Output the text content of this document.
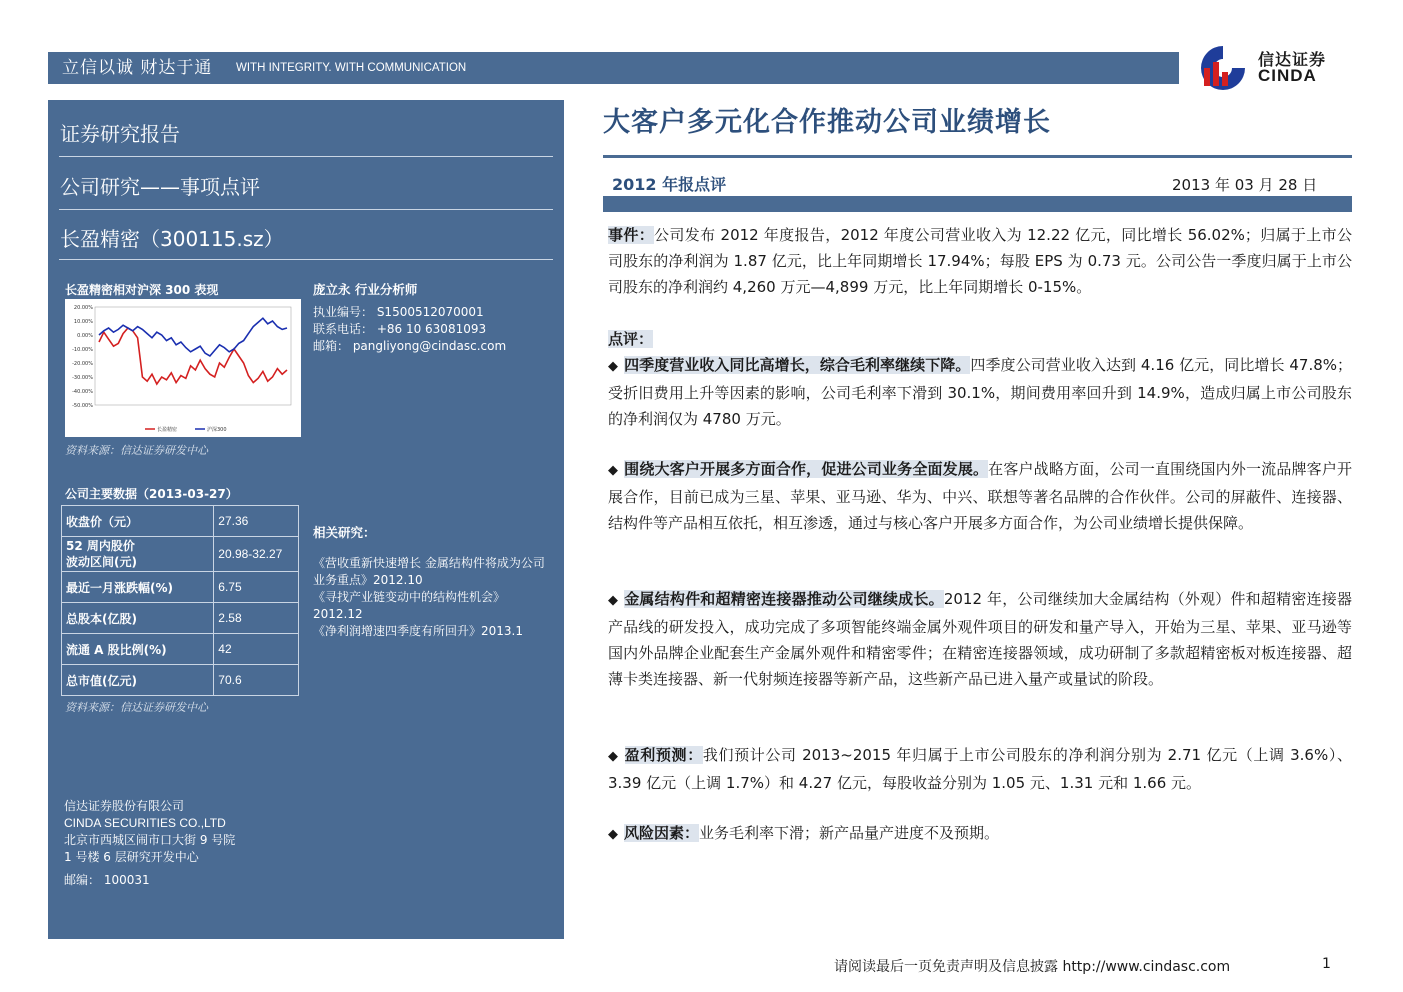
立信以诚 财达于通 WITH INTEGRITY. WITH COMMUNICATION	信达证券
CINDA
证券研究报告
公司研究——事项点评
长盈精密（300115.sz）
长盈精密相对沪深 300 表现
20.00%
10.00%
0.00%
-10.00%
-20.00%
-30.00%
-40.00%
-50.00%
长盈精密	沪深300
资料来源：信达证券研发中心
庞立永 行业分析师
执业编号： S1500512070001
联系电话： +86 10 63081093
邮箱： pangliyong@cindasc.com
公司主要数据（2013-03-27）
收盘价（元）	27.36
52 周内股价
波动区间(元)	20.98-32.27
最近一月涨跌幅(%)	6.75
总股本(亿股)	2.58
流通 A 股比例(%)	42
总市值(亿元)	70.6
资料来源：信达证券研发中心
相关研究：
《营收重新快速增长 金属结构件将成为公司业务重点》2012.10
《寻找产业链变动中的结构性机会》2012.12
《净利润增速四季度有所回升》2013.1
信达证券股份有限公司
CINDA SECURITIES CO.,LTD
北京市西城区闹市口大街 9 号院
1 号楼 6 层研究开发中心
邮编： 100031
大客户多元化合作推动公司业绩增长
2012 年报点评	2013 年 03 月 28 日
事件：公司发布 2012 年度报告，2012 年度公司营业收入为 12.22 亿元，同比增长 56.02%；归属于上市公司股东的净利润为 1.87 亿元，比上年同期增长 17.94%；每股 EPS 为 0.73 元。公司公告一季度归属于上市公司股东的净利润约 4,260 万元—4,899 万元，比上年同期增长 0-15%。
点评：
◆ 四季度营业收入同比高增长，综合毛利率继续下降。四季度公司营业收入达到 4.16 亿元，同比增长 47.8%；受折旧费用上升等因素的影响，公司毛利率下滑到 30.1%，期间费用率回升到 14.9%，造成归属上市公司股东的净利润仅为 4780 万元。
◆ 围绕大客户开展多方面合作，促进公司业务全面发展。在客户战略方面，公司一直围绕国内外一流品牌客户开展合作，目前已成为三星、苹果、亚马逊、华为、中兴、联想等著名品牌的合作伙伴。公司的屏蔽件、连接器、结构件等产品相互依托，相互渗透，通过与核心客户开展多方面合作，为公司业绩增长提供保障。
◆ 金属结构件和超精密连接器推动公司继续成长。2012 年，公司继续加大金属结构（外观）件和超精密连接器产品线的研发投入，成功完成了多项智能终端金属外观件项目的研发和量产导入，开始为三星、苹果、亚马逊等国内外品牌企业配套生产金属外观件和精密零件；在精密连接器领域，成功研制了多款超精密板对板连接器、超薄卡类连接器、新一代射频连接器等新产品，这些新产品已进入量产或量试的阶段。
◆ 盈利预测：我们预计公司 2013~2015 年归属于上市公司股东的净利润分别为 2.71 亿元（上调 3.6%）、3.39 亿元（上调 1.7%）和 4.27 亿元，每股收益分别为 1.05 元、1.31 元和 1.66 元。
◆ 风险因素：业务毛利率下滑；新产品量产进度不及预期。
请阅读最后一页免责声明及信息披露 http://www.cindasc.com	1
